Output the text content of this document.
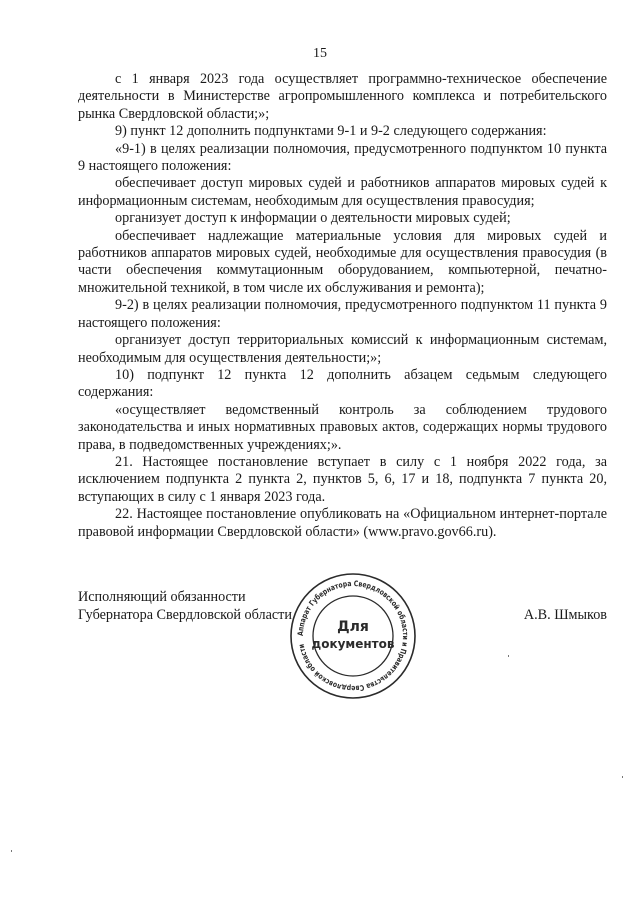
15

с 1 января 2023 года осуществляет программно-техническое обеспечение деятельности в Министерстве агропромышленного комплекса и потребительского рынка Свердловской области;»;

9) пункт 12 дополнить подпунктами 9-1 и 9-2 следующего содержания:

«9-1) в целях реализации полномочия, предусмотренного подпунктом 10 пункта 9 настоящего положения:

обеспечивает доступ мировых судей и работников аппаратов мировых судей к информационным системам, необходимым для осуществления правосудия;

организует доступ к информации о деятельности мировых судей;

обеспечивает надлежащие материальные условия для мировых судей и работников аппаратов мировых судей, необходимые для осуществления правосудия (в части обеспечения коммутационным оборудованием, компьютерной, печатно-множительной техникой, в том числе их обслуживания и ремонта);

9-2) в целях реализации полномочия, предусмотренного подпунктом 11 пункта 9 настоящего положения:

организует доступ территориальных комиссий к информационным системам, необходимым для осуществления деятельности;»;

10) подпункт 12 пункта 12 дополнить абзацем седьмым следующего содержания:

«осуществляет ведомственный контроль за соблюдением трудового законодательства и иных нормативных правовых актов, содержащих нормы трудового права, в подведомственных учреждениях;».

21. Настоящее постановление вступает в силу с 1 ноября 2022 года, за исключением подпункта 2 пункта 2, пунктов 5, 6, 17 и 18, подпункта 7 пункта 20, вступающих в силу с 1 января 2023 года.

22. Настоящее постановление опубликовать на «Официальном интернет-портале правовой информации Свердловской области» (www.pravo.gov66.ru).

Исполняющий обязанности
Губернатора Свердловской области	А.В. Шмыков
Аппарат Губернатора Свердловской области и Правительства Свердловской области
Для
документов
